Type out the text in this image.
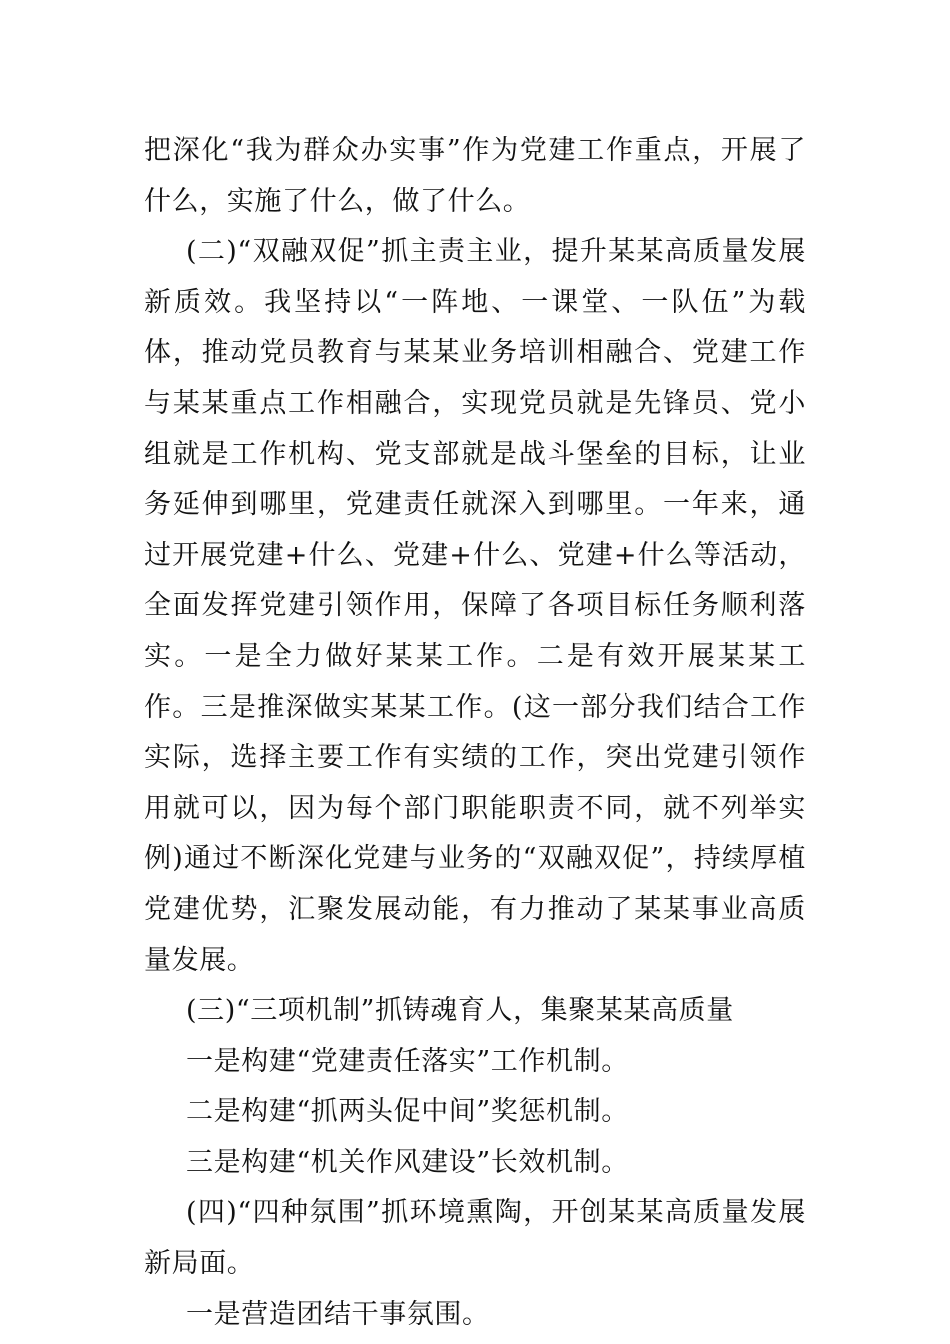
把深化“我为群众办实事”作为党建工作重点，开展了什么，实施了什么，做了什么。

(二)“双融双促”抓主责主业，提升某某高质量发展新质效。我坚持以“一阵地、一课堂、一队伍”为载体，推动党员教育与某某业务培训相融合、党建工作与某某重点工作相融合，实现党员就是先锋员、党小组就是工作机构、党支部就是战斗堡垒的目标，让业务延伸到哪里，党建责任就深入到哪里。一年来，通过开展党建+什么、党建+什么、党建+什么等活动，全面发挥党建引领作用，保障了各项目标任务顺利落实。一是全力做好某某工作。二是有效开展某某工作。三是推深做实某某工作。(这一部分我们结合工作实际，选择主要工作有实绩的工作，突出党建引领作用就可以，因为每个部门职能职责不同，就不列举实例)通过不断深化党建与业务的“双融双促”，持续厚植党建优势，汇聚发展动能，有力推动了某某事业高质量发展。

(三)“三项机制”抓铸魂育人，集聚某某高质量

一是构建“党建责任落实”工作机制。

二是构建“抓两头促中间”奖惩机制。

三是构建“机关作风建设”长效机制。

(四)“四种氛围”抓环境熏陶，开创某某高质量发展新局面。

一是营造团结干事氛围。
